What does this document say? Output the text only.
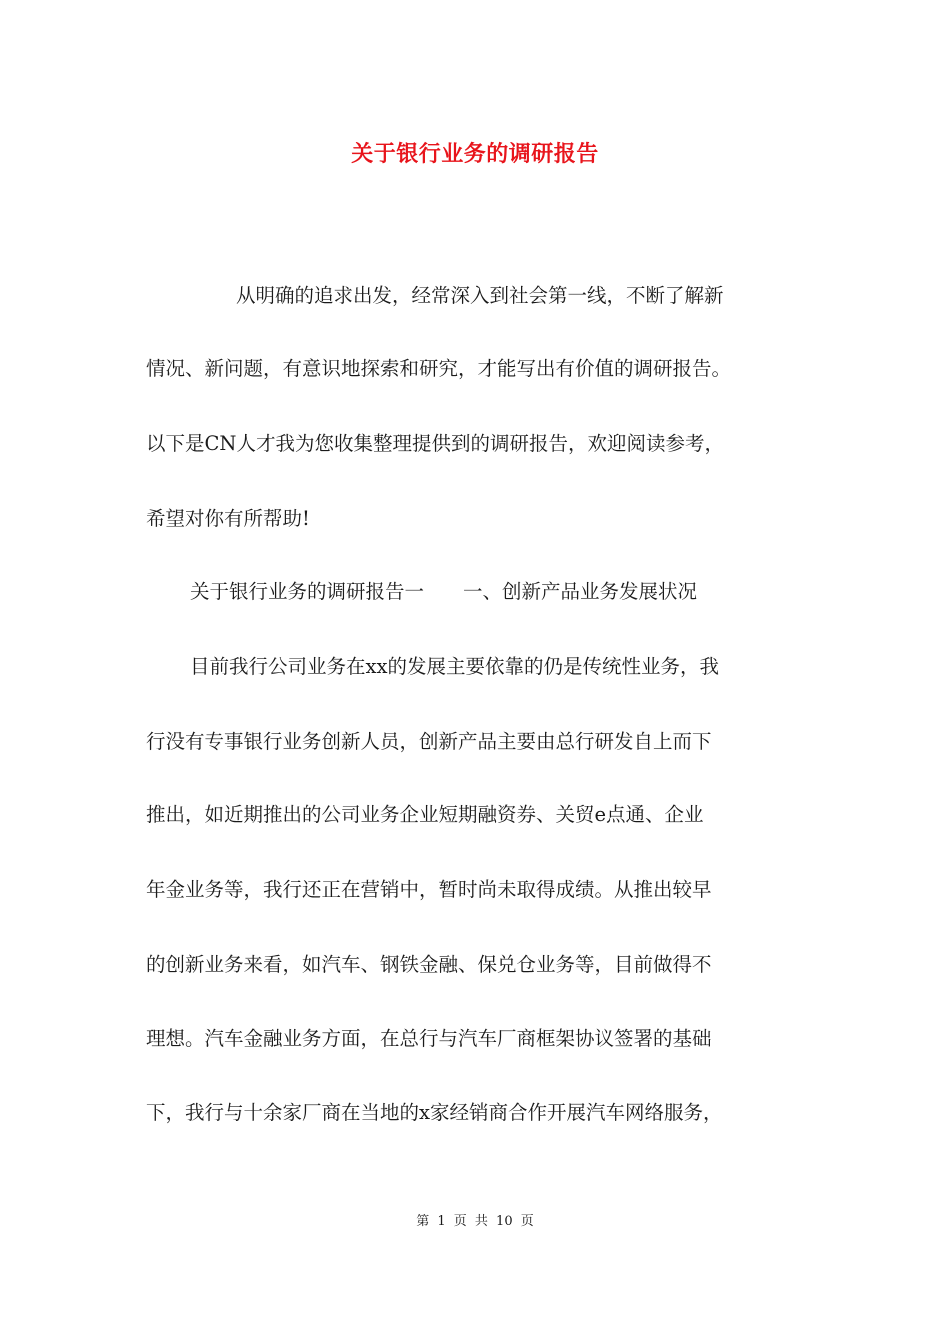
关于银行业务的调研报告
从明确的追求出发，经常深入到社会第一线，不断了解新
情况、新问题，有意识地探索和研究，才能写出有价值的调研报告。
以下是CN人才我为您收集整理提供到的调研报告，欢迎阅读参考，
希望对你有所帮助!
关于银行业务的调研报告一　　一、创新产品业务发展状况
目前我行公司业务在xx的发展主要依靠的仍是传统性业务，我
行没有专事银行业务创新人员，创新产品主要由总行研发自上而下
推出，如近期推出的公司业务企业短期融资券、关贸e点通、企业
年金业务等，我行还正在营销中，暂时尚未取得成绩。从推出较早
的创新业务来看，如汽车、钢铁金融、保兑仓业务等，目前做得不
理想。汽车金融业务方面，在总行与汽车厂商框架协议签署的基础
下，我行与十余家厂商在当地的x家经销商合作开展汽车网络服务，
第 1 页 共 10 页
